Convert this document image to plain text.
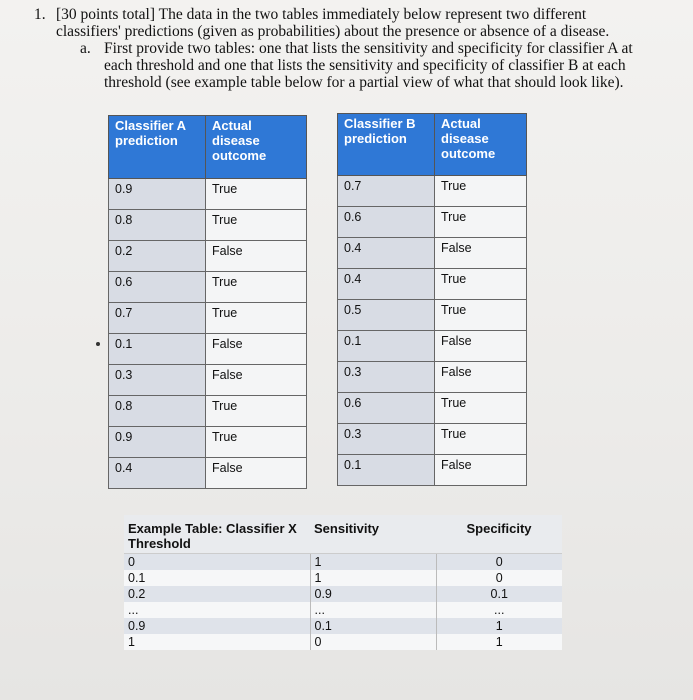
1. [30 points total] The data in the two tables immediately below represent two different
classifiers' predictions (given as probabilities) about the presence or absence of a disease.
a. First provide two tables: one that lists the sensitivity and specificity for classifier A at
each threshold and one that lists the sensitivity and specificity of classifier B at each
threshold (see example table below for a partial view of what that should look like).
Classifier A prediction	Actual disease outcome
0.9	True
0.8	True
0.2	False
0.6	True
0.7	True
0.1	False
0.3	False
0.8	True
0.9	True
0.4	False
Classifier B prediction	Actual disease outcome
0.7	True
0.6	True
0.4	False
0.4	True
0.5	True
0.1	False
0.3	False
0.6	True
0.3	True
0.1	False
Example Table: Classifier X Threshold	Sensitivity	Specificity
0	1	0
0.1	1	0
0.2	0.9	0.1
...	...	...
0.9	0.1	1
1	0	1
